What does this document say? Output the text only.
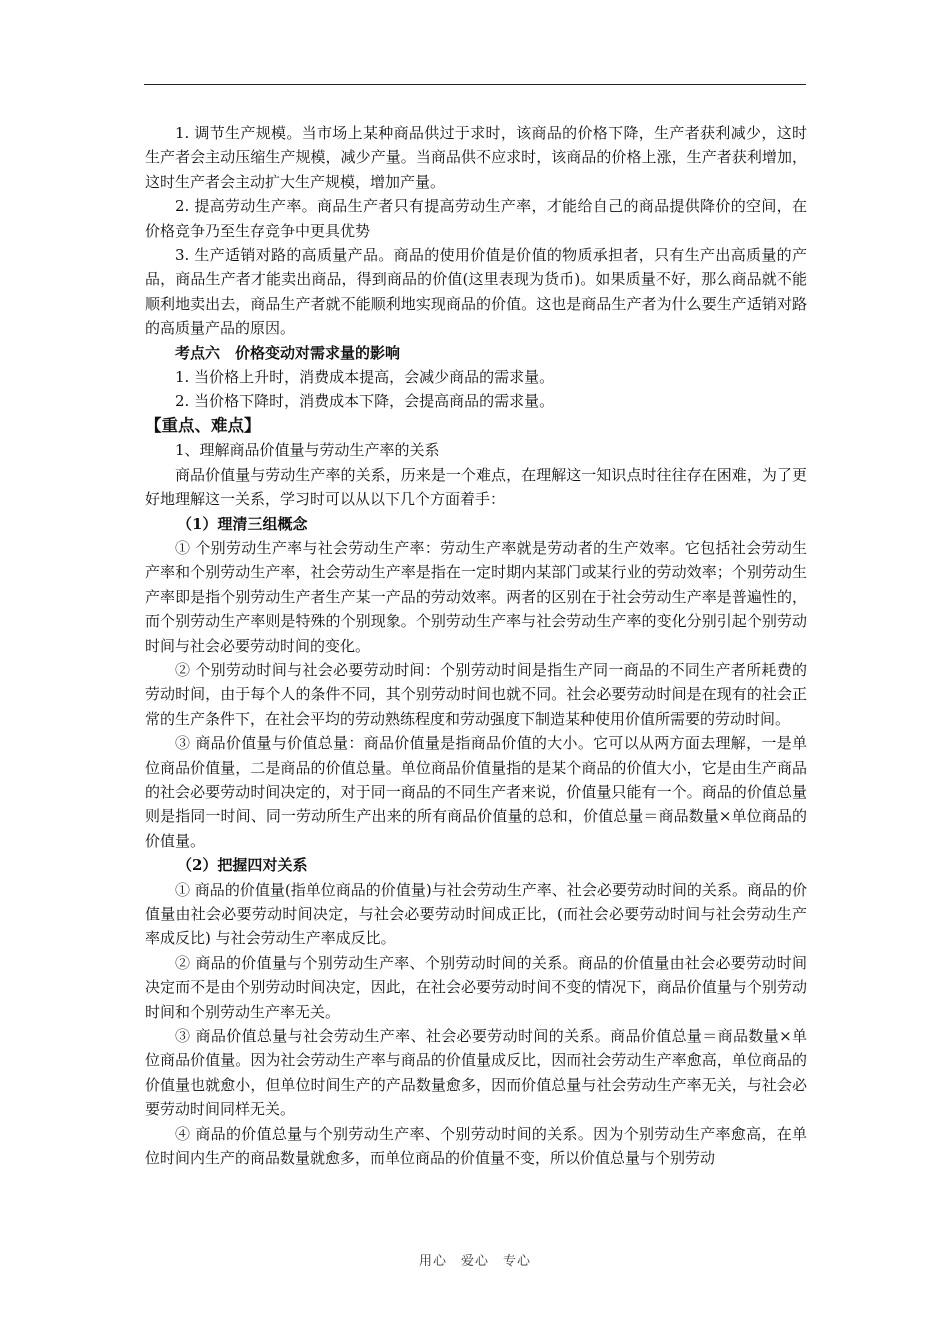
1. 调节生产规模。当市场上某种商品供过于求时，该商品的价格下降，生产者获利减少，这时生产者会主动压缩生产规模，减少产量。当商品供不应求时，该商品的价格上涨，生产者获利增加，这时生产者会主动扩大生产规模，增加产量。

2. 提高劳动生产率。商品生产者只有提高劳动生产率，才能给自己的商品提供降价的空间，在价格竞争乃至生存竞争中更具优势

3. 生产适销对路的高质量产品。商品的使用价值是价值的物质承担者，只有生产出高质量的产品，商品生产者才能卖出商品，得到商品的价值(这里表现为货币)。如果质量不好，那么商品就不能顺利地卖出去，商品生产者就不能顺利地实现商品的价值。这也是商品生产者为什么要生产适销对路的高质量产品的原因。

考点六　价格变动对需求量的影响

1. 当价格上升时，消费成本提高，会减少商品的需求量。

2. 当价格下降时，消费成本下降，会提高商品的需求量。

【重点、难点】

1、理解商品价值量与劳动生产率的关系

商品价值量与劳动生产率的关系，历来是一个难点，在理解这一知识点时往往存在困难，为了更好地理解这一关系，学习时可以从以下几个方面着手：

（1）理清三组概念

① 个别劳动生产率与社会劳动生产率：劳动生产率就是劳动者的生产效率。它包括社会劳动生产率和个别劳动生产率，社会劳动生产率是指在一定时期内某部门或某行业的劳动效率；个别劳动生产率即是指个别劳动生产者生产某一产品的劳动效率。两者的区别在于社会劳动生产率是普遍性的，而个别劳动生产率则是特殊的个别现象。个别劳动生产率与社会劳动生产率的变化分别引起个别劳动时间与社会必要劳动时间的变化。

② 个别劳动时间与社会必要劳动时间：个别劳动时间是指生产同一商品的不同生产者所耗费的劳动时间，由于每个人的条件不同，其个别劳动时间也就不同。社会必要劳动时间是在现有的社会正常的生产条件下，在社会平均的劳动熟练程度和劳动强度下制造某种使用价值所需要的劳动时间。

③ 商品价值量与价值总量：商品价值量是指商品价值的大小。它可以从两方面去理解，一是单位商品价值量，二是商品的价值总量。单位商品价值量指的是某个商品的价值大小，它是由生产商品的社会必要劳动时间决定的，对于同一商品的不同生产者来说，价值量只能有一个。商品的价值总量则是指同一时间、同一劳动所生产出来的所有商品价值量的总和，价值总量＝商品数量×单位商品的价值量。

（2）把握四对关系

① 商品的价值量(指单位商品的价值量)与社会劳动生产率、社会必要劳动时间的关系。商品的价值量由社会必要劳动时间决定，与社会必要劳动时间成正比，(而社会必要劳动时间与社会劳动生产率成反比) 与社会劳动生产率成反比。

② 商品的价值量与个别劳动生产率、个别劳动时间的关系。商品的价值量由社会必要劳动时间决定而不是由个别劳动时间决定，因此，在社会必要劳动时间不变的情况下，商品价值量与个别劳动时间和个别劳动生产率无关。

③ 商品价值总量与社会劳动生产率、社会必要劳动时间的关系。商品价值总量＝商品数量×单位商品价值量。因为社会劳动生产率与商品的价值量成反比，因而社会劳动生产率愈高，单位商品的价值量也就愈小，但单位时间生产的产品数量愈多，因而价值总量与社会劳动生产率无关，与社会必要劳动时间同样无关。

④ 商品的价值总量与个别劳动生产率、个别劳动时间的关系。因为个别劳动生产率愈高，在单位时间内生产的商品数量就愈多，而单位商品的价值量不变，所以价值总量与个别劳动

用心　爱心　专心
